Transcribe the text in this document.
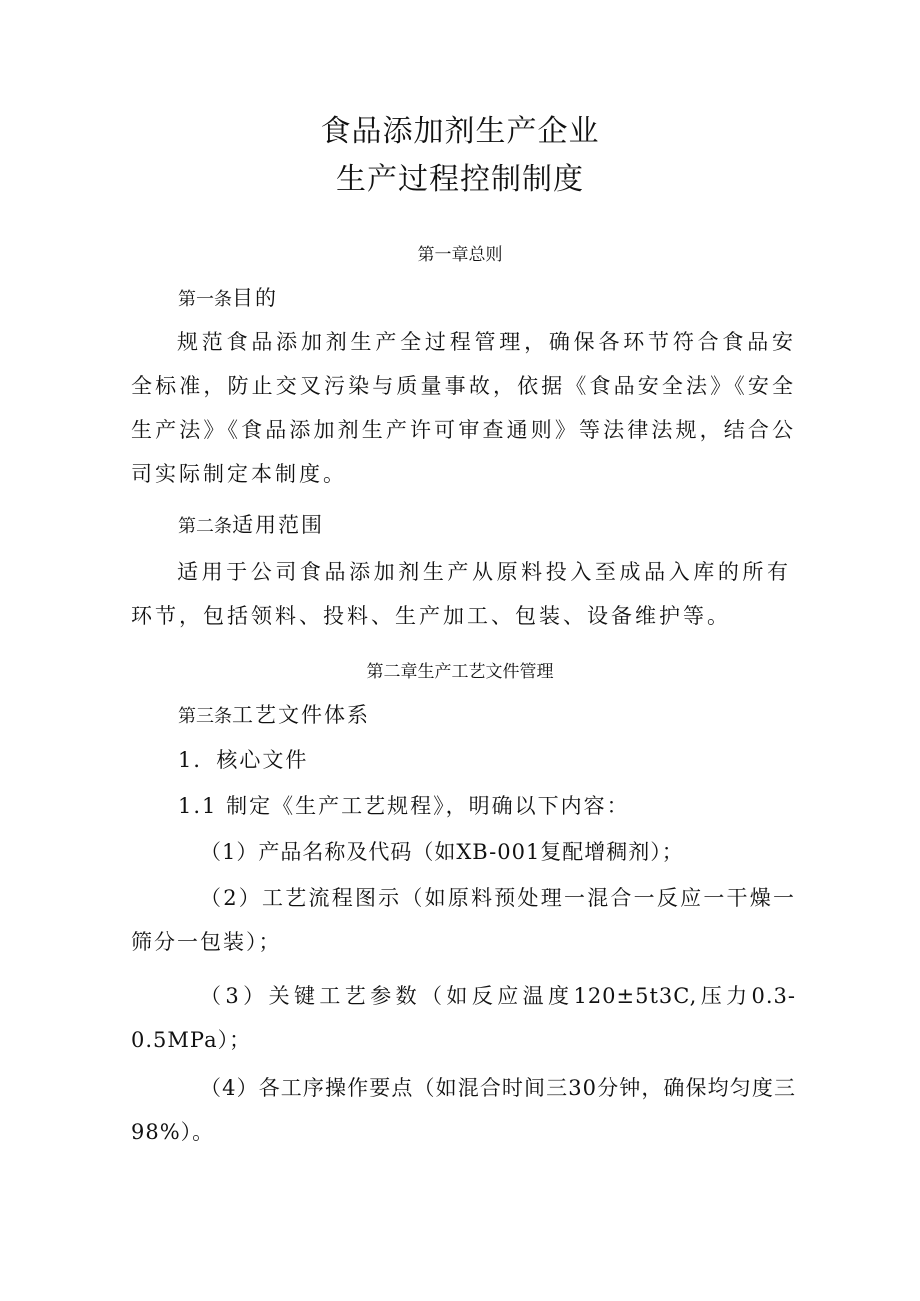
食品添加剂生产企业
生产过程控制制度
第一章总则
第一条目的
规范食品添加剂生产全过程管理，确保各环节符合食品安全标准，防止交叉污染与质量事故，依据《食品安全法》《安全生产法》《食品添加剂生产许可审查通则》等法律法规，结合公司实际制定本制度。
第二条适用范围
适用于公司食品添加剂生产从原料投入至成品入库的所有环节，包括领料、投料、生产加工、包装、设备维护等。
第二章生产工艺文件管理
第三条工艺文件体系
1．核心文件
1.1 制定《生产工艺规程》，明确以下内容：
（1）产品名称及代码（如XB-001复配增稠剂）；
（2）工艺流程图示（如原料预处理一混合一反应一干燥一筛分一包装）；
（3）关键工艺参数（如反应温度120±5t3C,压力0.3-0.5MPa）；
（4）各工序操作要点（如混合时间三30分钟，确保均匀度三98%）。
